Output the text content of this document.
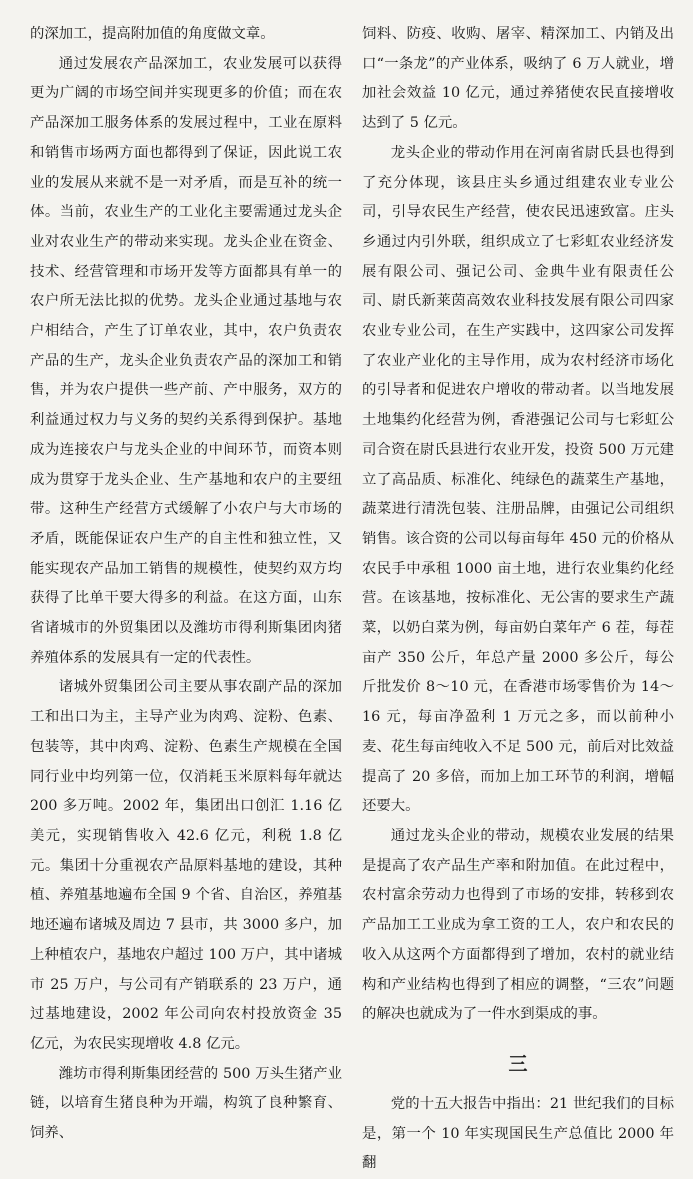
的深加工，提高附加值的角度做文章。

通过发展农产品深加工，农业发展可以获得更为广阔的市场空间并实现更多的价值；而在农产品深加工服务体系的发展过程中，工业在原料和销售市场两方面也都得到了保证，因此说工农业的发展从来就不是一对矛盾，而是互补的统一体。当前，农业生产的工业化主要需通过龙头企业对农业生产的带动来实现。龙头企业在资金、技术、经营管理和市场开发等方面都具有单一的农户所无法比拟的优势。龙头企业通过基地与农户相结合，产生了订单农业，其中，农户负责农产品的生产，龙头企业负责农产品的深加工和销售，并为农户提供一些产前、产中服务，双方的利益通过权力与义务的契约关系得到保护。基地成为连接农户与龙头企业的中间环节，而资本则成为贯穿于龙头企业、生产基地和农户的主要纽带。这种生产经营方式缓解了小农户与大市场的矛盾，既能保证农户生产的自主性和独立性，又能实现农产品加工销售的规模性，使契约双方均获得了比单干要大得多的利益。在这方面，山东省诸城市的外贸集团以及潍坊市得利斯集团肉猪养殖体系的发展具有一定的代表性。

诸城外贸集团公司主要从事农副产品的深加工和出口为主，主导产业为肉鸡、淀粉、色素、包装等，其中肉鸡、淀粉、色素生产规模在全国同行业中均列第一位，仅消耗玉米原料每年就达 200 多万吨。2002 年，集团出口创汇 1.16 亿美元，实现销售收入 42.6 亿元，利税 1.8 亿元。集团十分重视农产品原料基地的建设，其种植、养殖基地遍布全国 9 个省、自治区，养殖基地还遍布诸城及周边 7 县市，共 3000 多户，加上种植农户，基地农户超过 100 万户，其中诸城市 25 万户，与公司有产销联系的 23 万户，通过基地建设，2002 年公司向农村投放资金 35 亿元，为农民实现增收 4.8 亿元。

潍坊市得利斯集团经营的 500 万头生猪产业链，以培育生猪良种为开端，构筑了良种繁育、饲养、

饲料、防疫、收购、屠宰、精深加工、内销及出口“一条龙”的产业体系，吸纳了 6 万人就业，增加社会效益 10 亿元，通过养猪使农民直接增收达到了 5 亿元。

龙头企业的带动作用在河南省尉氏县也得到了充分体现，该县庄头乡通过组建农业专业公司，引导农民生产经营，使农民迅速致富。庄头乡通过内引外联，组织成立了七彩虹农业经济发展有限公司、强记公司、金典牛业有限责任公司、尉氏新莱茵高效农业科技发展有限公司四家农业专业公司，在生产实践中，这四家公司发挥了农业产业化的主导作用，成为农村经济市场化的引导者和促进农户增收的带动者。以当地发展土地集约化经营为例，香港强记公司与七彩虹公司合资在尉氏县进行农业开发，投资 500 万元建立了高品质、标准化、纯绿色的蔬菜生产基地，蔬菜进行清洗包装、注册品牌，由强记公司组织销售。该合资的公司以每亩每年 450 元的价格从农民手中承租 1000 亩土地，进行农业集约化经营。在该基地，按标准化、无公害的要求生产蔬菜，以奶白菜为例，每亩奶白菜年产 6 茬，每茬亩产 350 公斤，年总产量 2000 多公斤，每公斤批发价 8～10 元，在香港市场零售价为 14～16 元，每亩净盈利 1 万元之多，而以前种小麦、花生每亩纯收入不足 500 元，前后对比效益提高了 20 多倍，而加上加工环节的利润，增幅还要大。

通过龙头企业的带动，规模农业发展的结果是提高了农产品生产率和附加值。在此过程中，农村富余劳动力也得到了市场的安排，转移到农产品加工工业成为拿工资的工人，农户和农民的收入从这两个方面都得到了增加，农村的就业结构和产业结构也得到了相应的调整，“三农”问题的解决也就成为了一件水到渠成的事。

三

党的十五大报告中指出：21 世纪我们的目标是，第一个 10 年实现国民生产总值比 2000 年翻
